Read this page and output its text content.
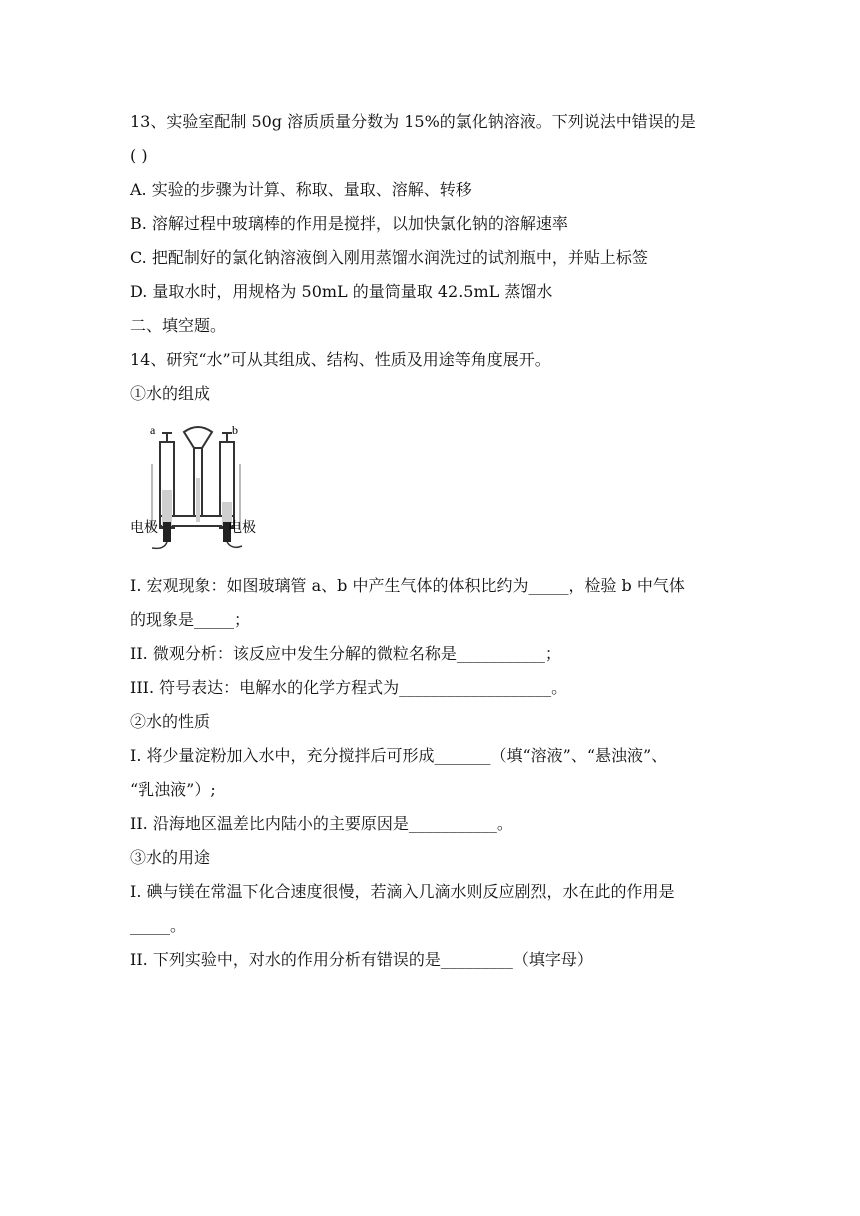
13、实验室配制 50g 溶质质量分数为 15%的氯化钠溶液。下列说法中错误的是
( )
A. 实验的步骤为计算、称取、量取、溶解、转移
B. 溶解过程中玻璃棒的作用是搅拌，以加快氯化钠的溶解速率
C. 把配制好的氯化钠溶液倒入刚用蒸馏水润洗过的试剂瓶中，并贴上标签
D. 量取水时，用规格为 50mL 的量筒量取 42.5mL 蒸馏水
二、填空题。
14、研究“水”可从其组成、结构、性质及用途等角度展开。
①水的组成
a	b
电极	电极
I. 宏观现象：如图玻璃管 a、b 中产生气体的体积比约为_____，检验 b 中气体
的现象是_____；
II. 微观分析：该反应中发生分解的微粒名称是___________；
III. 符号表达：电解水的化学方程式为___________________。
②水的性质
I. 将少量淀粉加入水中，充分搅拌后可形成_______（填“溶液”、“悬浊液”、
“乳浊液”）;
II. 沿海地区温差比内陆小的主要原因是___________。
③水的用途
I. 碘与镁在常温下化合速度很慢，若滴入几滴水则反应剧烈，水在此的作用是
_____。
II. 下列实验中，对水的作用分析有错误的是_________（填字母）
